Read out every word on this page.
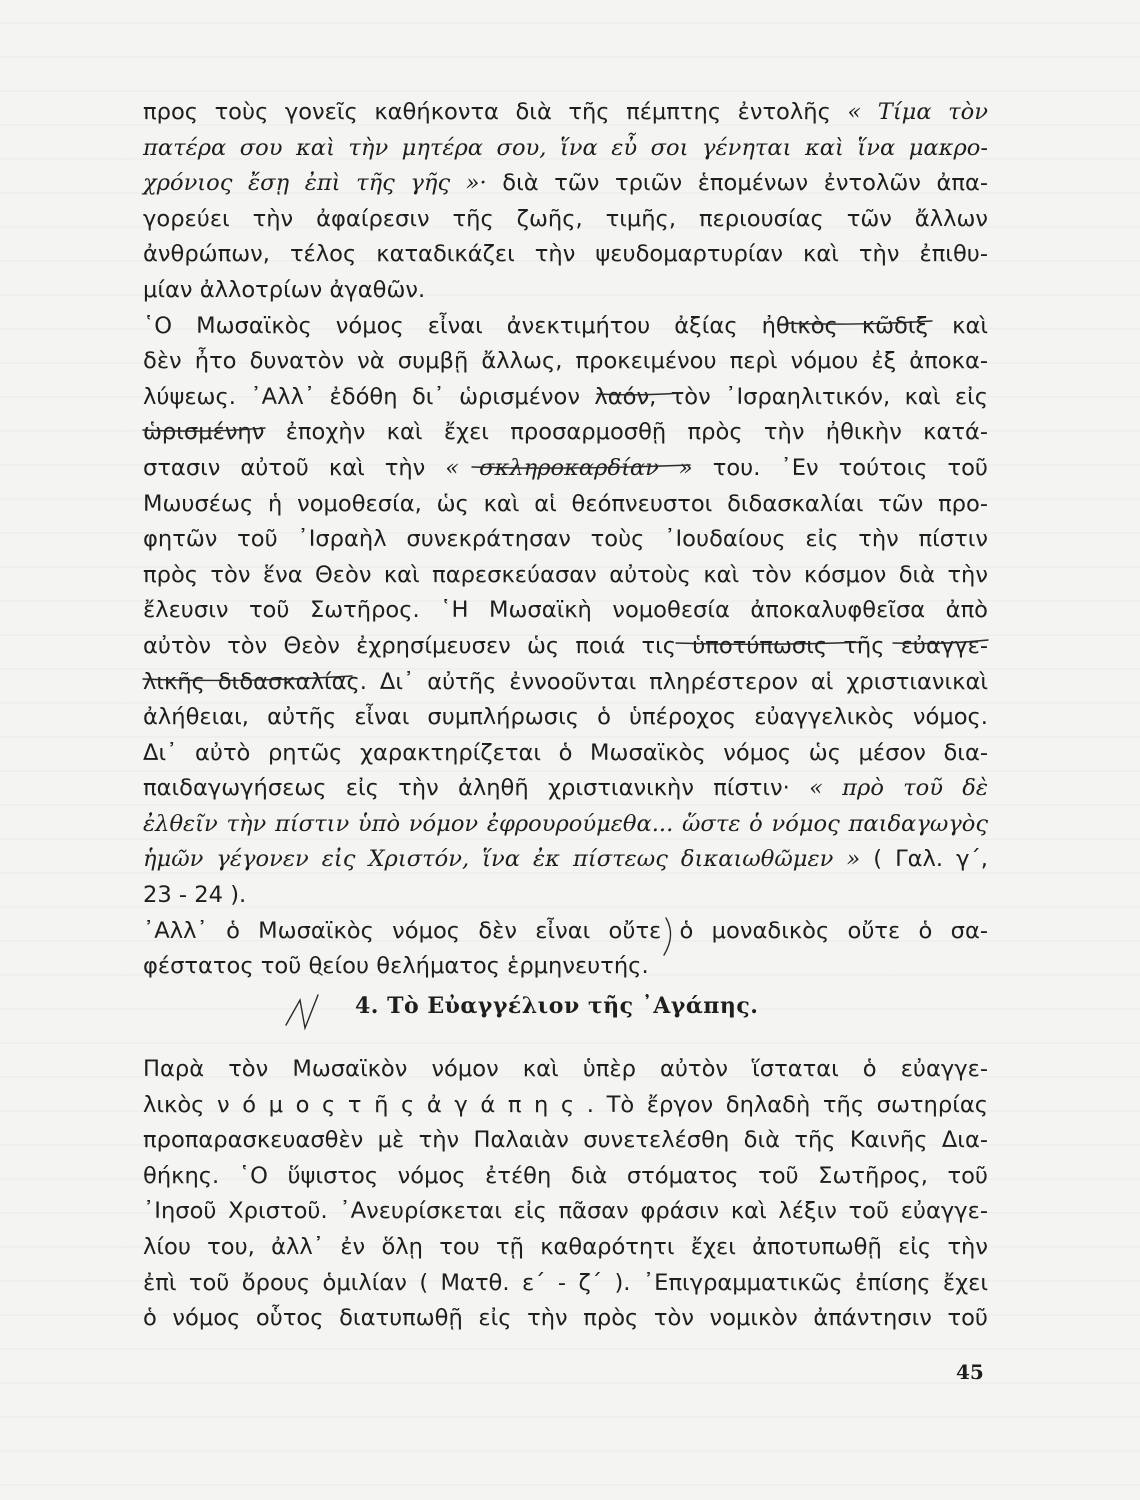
προς τοὺς γονεῖς καθήκοντα διὰ τῆς πέμπτης ἐντολῆς « Τίμα τὸν
πατέρα σου καὶ τὴν μητέρα σου, ἵνα εὖ σοι γένηται καὶ ἵνα μακρο-
χρόνιος ἔσῃ ἐπὶ τῆς γῆς »· διὰ τῶν τριῶν ἑπομένων ἐντολῶν ἀπα-
γορεύει τὴν ἀφαίρεσιν τῆς ζωῆς, τιμῆς, περιουσίας τῶν ἄλλων
ἀνθρώπων, τέλος καταδικάζει τὴν ψευδομαρτυρίαν καὶ τὴν ἐπιθυ-
μίαν ἀλλοτρίων ἀγαθῶν.
῾Ο Μωσαϊκὸς νόμος εἶναι ἀνεκτιμήτου ἀξίας ἠθικὸς κῶδιξ καὶ
δὲν ἦτο δυνατὸν νὰ συμβῇ ἄλλως, προκειμένου περὶ νόμου ἐξ ἀποκα-
λύψεως. ᾿Αλλ᾿ ἐδόθη δι᾿ ὡρισμένον λαόν, τὸν ᾿Ισραηλιτικόν, καὶ εἰς
ὡρισμένην ἐποχὴν καὶ ἔχει προσαρμοσθῇ πρὸς τὴν ἠθικὴν κατά-
στασιν αὐτοῦ καὶ τὴν « σκληροκαρδίαν » του. ᾿Εν τούτοις τοῦ
Μωυσέως ἡ νομοθεσία, ὡς καὶ αἱ θεόπνευστοι διδασκαλίαι τῶν προ-
φητῶν τοῦ ᾿Ισραὴλ συνεκράτησαν τοὺς ᾿Ιουδαίους εἰς τὴν πίστιν
πρὸς τὸν ἕνα Θεὸν καὶ παρεσκεύασαν αὐτοὺς καὶ τὸν κόσμον διὰ τὴν
ἔλευσιν τοῦ Σωτῆρος. ῾Η Μωσαϊκὴ νομοθεσία ἀποκαλυφθεῖσα ἀπὸ
αὐτὸν τὸν Θεὸν ἐχρησίμευσεν ὡς ποιά τις ὑποτύπωσις τῆς εὐαγγε-
λικῆς διδασκαλίας. Δι᾿ αὐτῆς ἐννοοῦνται πληρέστερον αἱ χριστιανικαὶ
ἀλήθειαι, αὐτῆς εἶναι συμπλήρωσις ὁ ὑπέροχος εὐαγγελικὸς νόμος.
Δι᾿ αὐτὸ ρητῶς χαρακτηρίζεται ὁ Μωσαϊκὸς νόμος ὡς μέσον δια-
παιδαγωγήσεως εἰς τὴν ἀληθῆ χριστιανικὴν πίστιν· « πρὸ τοῦ δὲ
ἐλθεῖν τὴν πίστιν ὑπὸ νόμον ἐφρουρούμεθα... ὥστε ὁ νόμος παιδαγωγὸς
ἡμῶν γέγονεν εἰς Χριστόν, ἵνα ἐκ πίστεως δικαιωθῶμεν » ( Γαλ. γ΄,
23 - 24 ).
᾿Αλλ᾿ ὁ Μωσαϊκὸς νόμος δὲν εἶναι οὔτε ὁ μοναδικὸς οὔτε ὁ σα-
φέστατος τοῦ θείου θελήματος ἑρμηνευτής.
4. Τὸ Εὐαγγέλιον τῆς ᾿Αγάπης.
Παρὰ τὸν Μωσαϊκὸν νόμον καὶ ὑπὲρ αὐτὸν ἵσταται ὁ εὐαγγε-
λικὸς ν ό μ ο ς τ ῆ ς ἀ γ ά π η ς . Τὸ ἔργον δηλαδὴ τῆς σωτηρίας
προπαρασκευασθὲν μὲ τὴν Παλαιὰν συνετελέσθη διὰ τῆς Καινῆς Δια-
θήκης. ῾Ο ὕψιστος νόμος ἐτέθη διὰ στόματος τοῦ Σωτῆρος, τοῦ
᾿Ιησοῦ Χριστοῦ. ᾿Ανευρίσκεται εἰς πᾶσαν φράσιν καὶ λέξιν τοῦ εὐαγγε-
λίου του, ἀλλ᾿ ἐν ὅλῃ του τῇ καθαρότητι ἔχει ἀποτυπωθῇ εἰς τὴν
ἐπὶ τοῦ ὄρους ὁμιλίαν ( Ματθ. ε΄ - ζ΄ ). ᾿Επιγραμματικῶς ἐπίσης ἔχει
ὁ νόμος οὗτος διατυπωθῇ εἰς τὴν πρὸς τὸν νομικὸν ἀπάντησιν τοῦ
45
